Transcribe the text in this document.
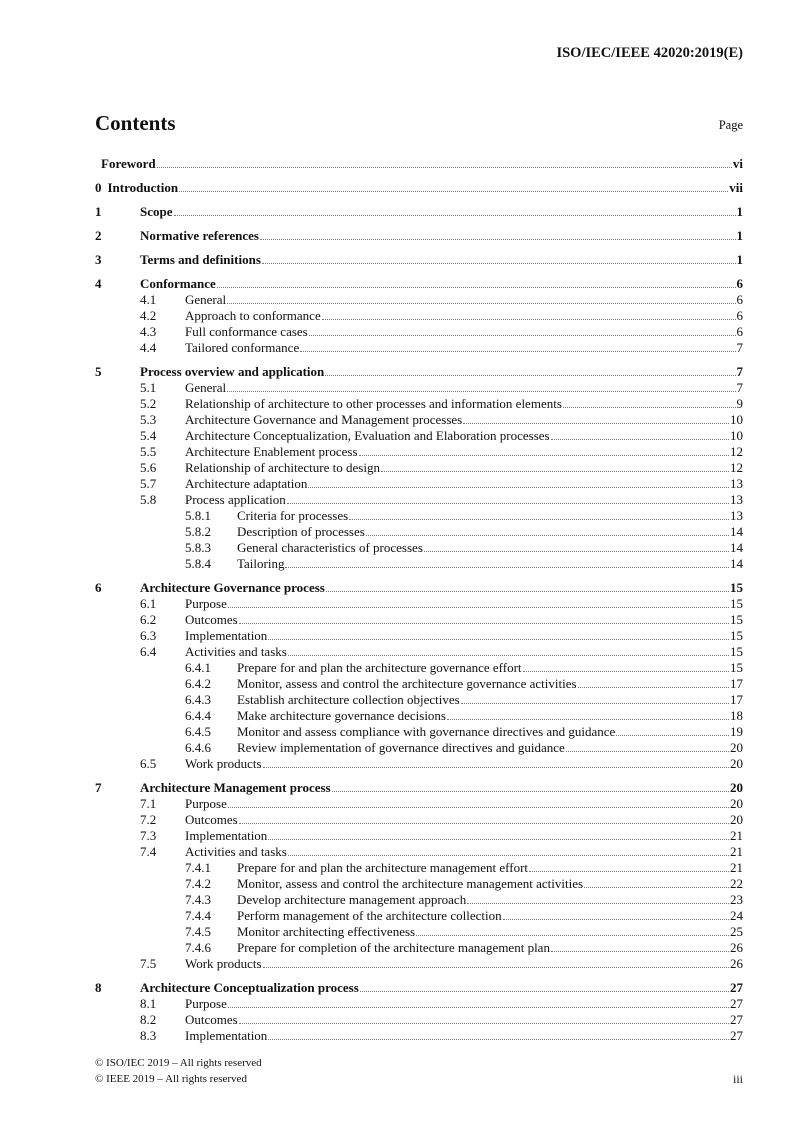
ISO/IEC/IEEE 42020:2019(E)
Contents	Page
Foreword	vi
0 Introduction	vii
1	Scope	1
2	Normative references	1
3	Terms and definitions	1
4	Conformance	6
4.1	General	6
4.2	Approach to conformance	6
4.3	Full conformance cases	6
4.4	Tailored conformance	7
5	Process overview and application	7
5.1	General	7
5.2	Relationship of architecture to other processes and information elements	9
5.3	Architecture Governance and Management processes	10
5.4	Architecture Conceptualization, Evaluation and Elaboration processes	10
5.5	Architecture Enablement process	12
5.6	Relationship of architecture to design	12
5.7	Architecture adaptation	13
5.8	Process application	13
5.8.1	Criteria for processes	13
5.8.2	Description of processes	14
5.8.3	General characteristics of processes	14
5.8.4	Tailoring	14
6	Architecture Governance process	15
6.1	Purpose	15
6.2	Outcomes	15
6.3	Implementation	15
6.4	Activities and tasks	15
6.4.1	Prepare for and plan the architecture governance effort	15
6.4.2	Monitor, assess and control the architecture governance activities	17
6.4.3	Establish architecture collection objectives	17
6.4.4	Make architecture governance decisions	18
6.4.5	Monitor and assess compliance with governance directives and guidance	19
6.4.6	Review implementation of governance directives and guidance	20
6.5	Work products	20
7	Architecture Management process	20
7.1	Purpose	20
7.2	Outcomes	20
7.3	Implementation	21
7.4	Activities and tasks	21
7.4.1	Prepare for and plan the architecture management effort	21
7.4.2	Monitor, assess and control the architecture management activities	22
7.4.3	Develop architecture management approach	23
7.4.4	Perform management of the architecture collection	24
7.4.5	Monitor architecting effectiveness	25
7.4.6	Prepare for completion of the architecture management plan	26
7.5	Work products	26
8	Architecture Conceptualization process	27
8.1	Purpose	27
8.2	Outcomes	27
8.3	Implementation	27
© ISO/IEC 2019 – All rights reserved
© IEEE 2019 – All rights reserved	iii
